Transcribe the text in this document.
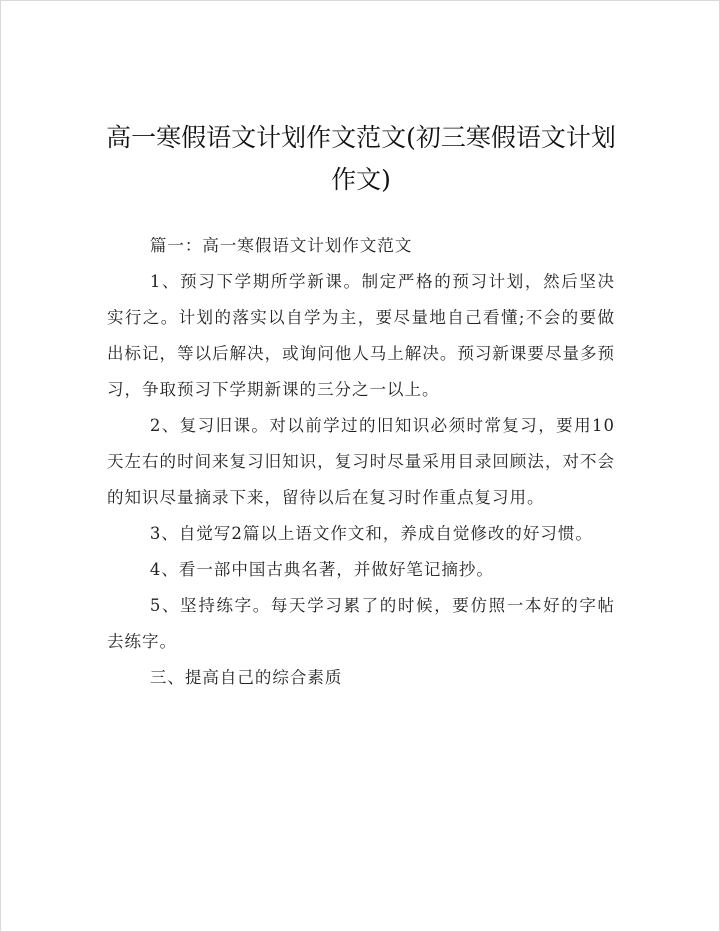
高一寒假语文计划作文范文(初三寒假语文计划作文)

篇一：高一寒假语文计划作文范文

1、预习下学期所学新课。制定严格的预习计划，然后坚决实行之。计划的落实以自学为主，要尽量地自己看懂;不会的要做出标记，等以后解决，或询问他人马上解决。预习新课要尽量多预习，争取预习下学期新课的三分之一以上。

2、复习旧课。对以前学过的旧知识必须时常复习，要用10天左右的时间来复习旧知识，复习时尽量采用目录回顾法，对不会的知识尽量摘录下来，留待以后在复习时作重点复习用。

3、自觉写2篇以上语文作文和，养成自觉修改的好习惯。

4、看一部中国古典名著，并做好笔记摘抄。

5、坚持练字。每天学习累了的时候，要仿照一本好的字帖去练字。

三、提高自己的综合素质
